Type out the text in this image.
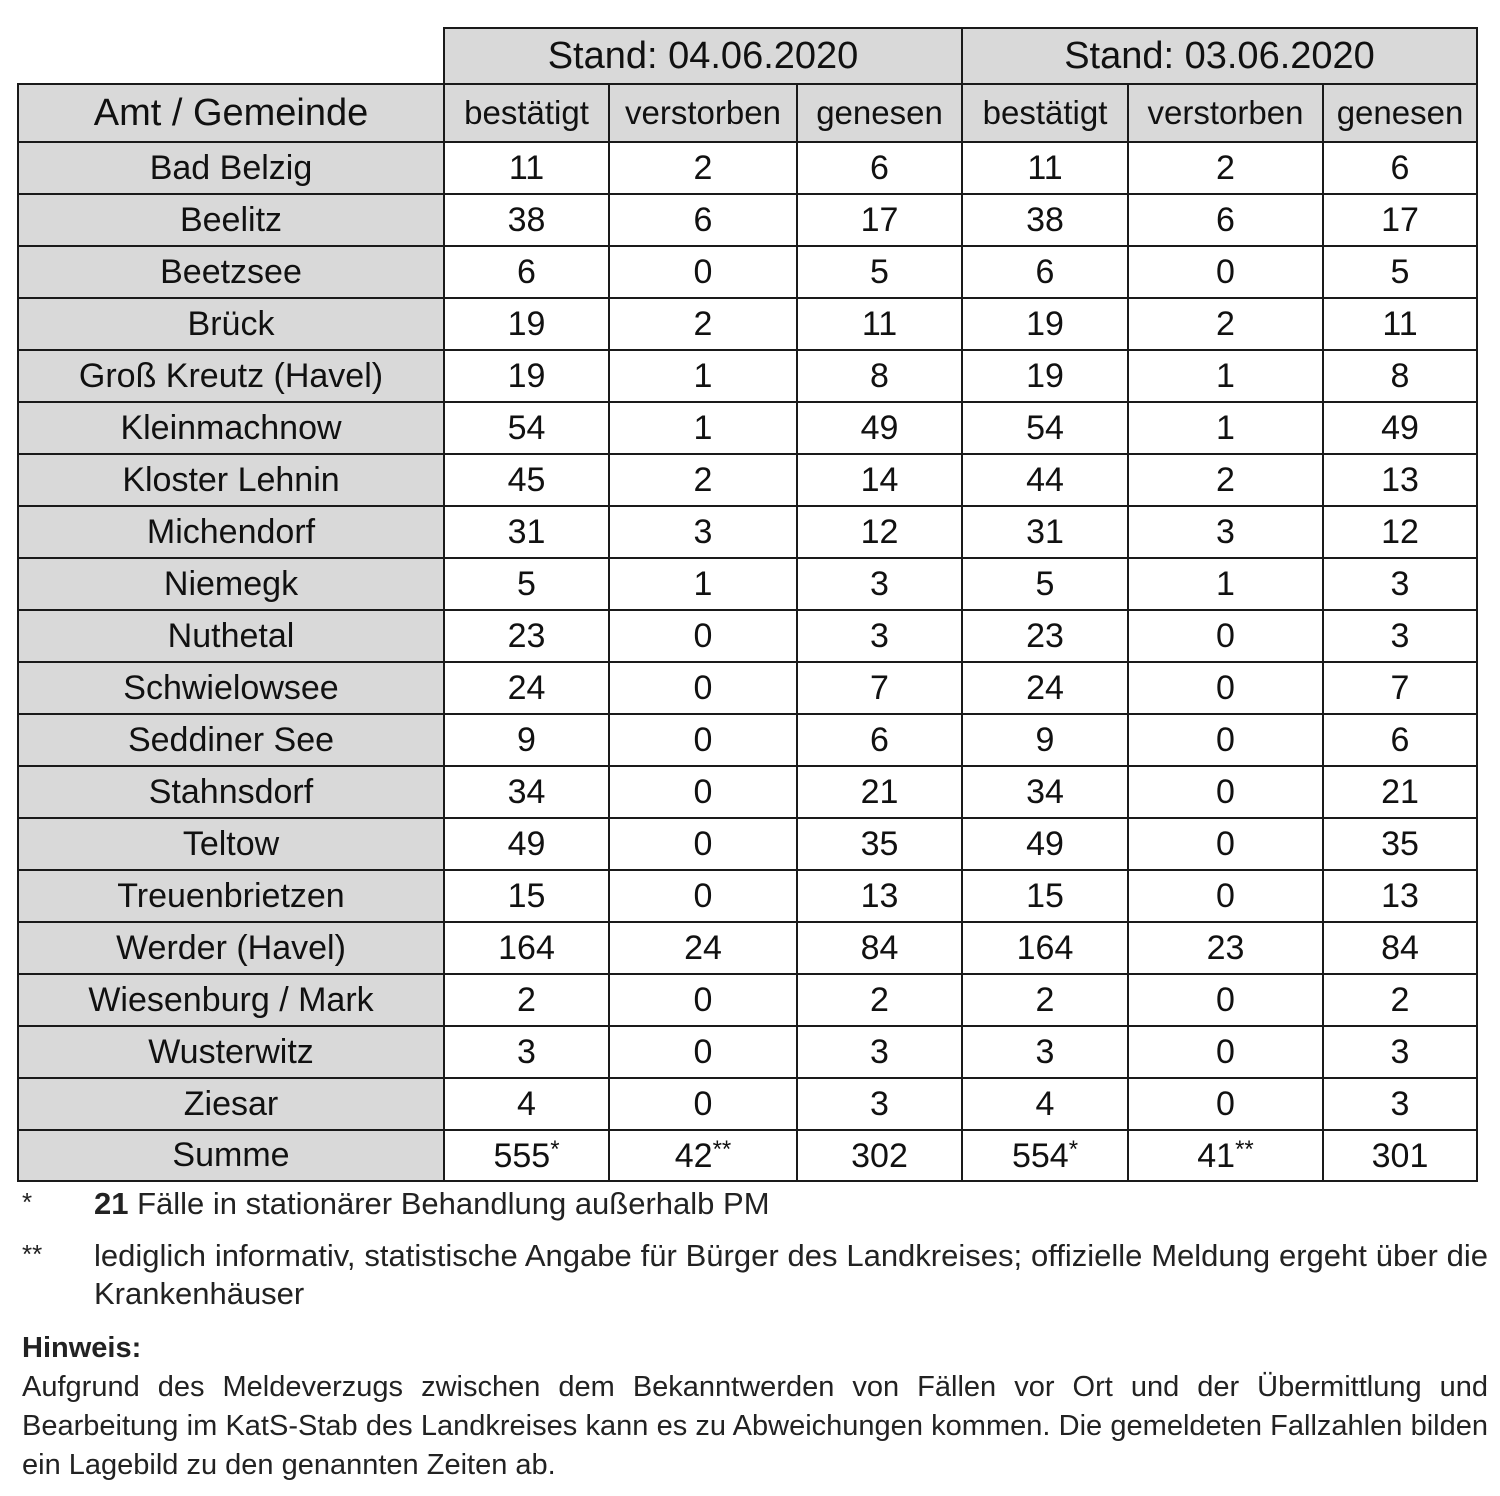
	Stand: 04.06.2020			Stand: 03.06.2020		
Amt / Gemeinde	bestätigt	verstorben	genesen	bestätigt	verstorben	genesen
Bad Belzig	11	2	6	11	2	6
Beelitz	38	6	17	38	6	17
Beetzsee	6	0	5	6	0	5
Brück	19	2	11	19	2	11
Groß Kreutz (Havel)	19	1	8	19	1	8
Kleinmachnow	54	1	49	54	1	49
Kloster Lehnin	45	2	14	44	2	13
Michendorf	31	3	12	31	3	12
Niemegk	5	1	3	5	1	3
Nuthetal	23	0	3	23	0	3
Schwielowsee	24	0	7	24	0	7
Seddiner See	9	0	6	9	0	6
Stahnsdorf	34	0	21	34	0	21
Teltow	49	0	35	49	0	35
Treuenbrietzen	15	0	13	15	0	13
Werder (Havel)	164	24	84	164	23	84
Wiesenburg / Mark	2	0	2	2	0	2
Wusterwitz	3	0	3	3	0	3
Ziesar	4	0	3	4	0	3
Summe	555*	42**	302	554*	41**	301
*	21 Fälle in stationärer Behandlung außerhalb PM
**	lediglich informativ, statistische Angabe für Bürger des Landkreises; offizielle Meldung ergeht über die Krankenhäuser
Hinweis:
Aufgrund des Meldeverzugs zwischen dem Bekanntwerden von Fällen vor Ort und der Übermittlung und Bearbeitung im KatS-Stab des Landkreises kann es zu Abweichungen kommen. Die gemeldeten Fallzahlen bilden ein Lagebild zu den genannten Zeiten ab.
